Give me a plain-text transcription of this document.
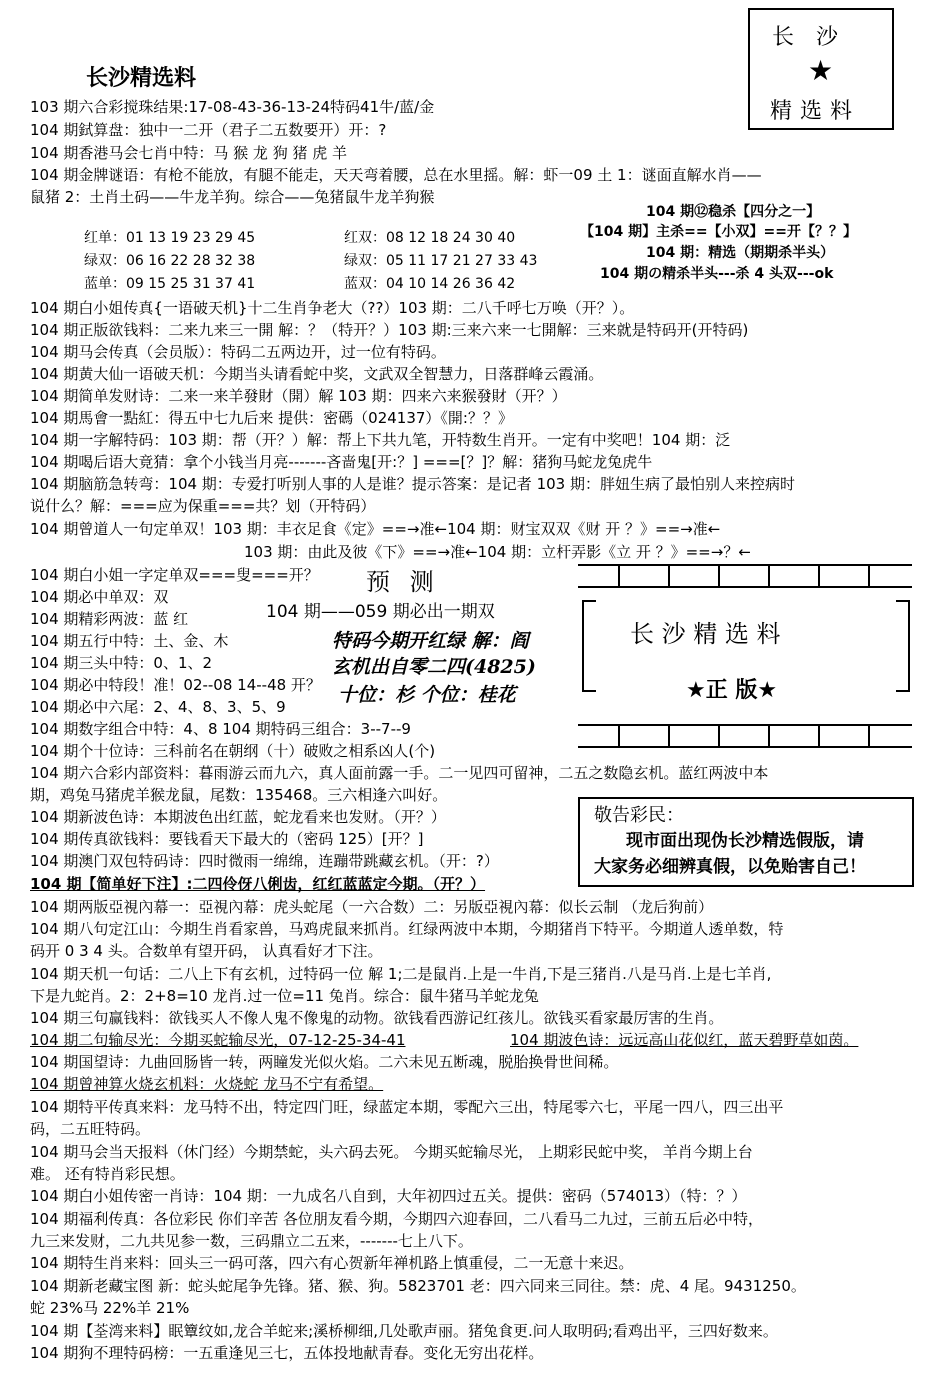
长沙精选料
长沙
★
精选料
103 期六合彩搅珠结果:17-08-43-36-13-24特码41牛/蓝/金
104 期鉽算盘：独中一二开（君子二五数要开）开：?
104 期香港马会七肖中特：马 猴 龙 狗 猪 虎 羊
104 期金牌谜语：有枪不能放，有腿不能走，天天弯着腰，总在水里摇。解：虾一09 土 1：谜面直解水肖——
鼠猪 2：土肖土码——牛龙羊狗。综合——兔猪鼠牛龙羊狗猴
红单：01 13 19 23 29 45
绿双：06 16 22 28 32 38
蓝单：09 15 25 31 37 41
红双：08 12 18 24 30 40
绿双：05 11 17 21 27 33 43
蓝双：04 10 14 26 36 42
104 期⑫稳杀【四分之一】
【104 期】主杀==【小双】==开【？？】
104 期：精选（期期杀半头）
104 期の精杀半头---杀 4 头双---ok
104 期白小姐传真{一语破天机}十二生肖争老大（??）103 期：二八千呼七万唤（开？）。
104 期正版欲钱料：二来九来三一開 解：？（特开？）103 期:三来六来一七開解：三来就是特码开(开特码)
104 期马会传真（会员版）：特码二五两边开，过一位有特码。
104 期黄大仙一语破天机：今期当头请看蛇中奖，文武双全智慧力，日落群峰云霞涌。
104 期简单发财诗：二来一来羊發財（開）解 103 期：四来六来猴發財（开？）
104 期馬會一點紅：得五中七九后来 提供：密碼（024137）《開:？？》
104 期一字解特码：103 期：帮（开？）解：帮上下共九笔，开特数生肖开。一定有中奖吧！104 期：泛
104 期喝后语大竟猜：拿个小钱当月亮-------吝啬鬼[开:？] ===[？]？解：猪狗马蛇龙兔虎牛
104 期脑筋急转弯：104 期：专爱打听别人事的人是谁？提示答案：是记者 103 期：胖妞生病了最怕别人来控病时
说什么？解：===应为保重===共？划（开特码）
104 期曾道人一句定单双！103 期：丰衣足食《定》==→准←104 期：财宝双双《财 开 ？》==→准←
103 期：由此及彼《下》==→准←104 期：立杆弄影《立 开 ？》==→？←
104 期白小姐一字定单双===叟===开？
104 期必中单双：双
104 期精彩两波：蓝 红
104 期五行中特：土、金、木
104 期三头中特：0、1、2
104 期必中特段！准！02--08 14--48 开？
104 期必中六尾：2、4、8、3、5、9
104 期数字组合中特：4、8 104 期特码三组合：3--7--9
预 测
104 期——059 期必出一期双
特码今期开红绿 解：阎
玄机出自零二四(4825)
十位：杉 个位：桂花
长 沙 精 选 料
★正 版★
104 期个十位诗：三科前名在朝纲（十）破败之相系凶人(个)
104 期六合彩内部资料：暮雨游云而九六，真人面前露一手。二一见四可留神，二五之数隐玄机。蓝红两波中本
期，鸡兔马猪虎羊猴龙鼠，尾数：135468。三六相逢六叫好。
104 期新波色诗：本期波色出红蓝，蛇龙看来也发财。（开？）
104 期传真欲钱料：要钱看天下最大的（密码 125）[开？]
104 期澳门双包特码诗：四时微雨一绵绵，连蹦带跳藏玄机。（开：?）
104 期【简单好下注】:二四伶伢八俐齿，红红蓝蓝定今期。（开？）
敬告彩民：
现市面出现伪长沙精选假版，请
大家务必细辨真假，以免贻害自己！
104 期两版亞視內幕一：亞視內幕：虎头蛇尾（一六合数）二：另版亞視內幕：似长云制 （龙后狗前）
104 期八句定江山：今期生肖看家兽，马鸡虎鼠来抓肖。红绿两波中本期，今期猪肖下特平。今期道人透单数，特
码开 0 3 4 头。合数单有望开码， 认真看好才下注。
104 期天机一句话：二八上下有玄机，过特码一位 解 1;二是鼠肖.上是一牛肖,下是三猪肖.八是马肖.上是七羊肖,
下是九蛇肖。2：2+8=10 龙肖.过一位=11 兔肖。综合：鼠牛猪马羊蛇龙兔
104 期三句赢钱料：欲钱买人不像人鬼不像鬼的动物。欲钱看西游记红孩儿。欲钱买看家最厉害的生肖。
104 期二句输尽光：今期买蛇输尽光，07-12-25-34-41	104 期波色诗：远远高山花似红，蓝天碧野草如茵。
104 期国望诗：九曲回肠皆一转，两瞳发光似火焰。二六未见五断魂，脱胎换骨世间稀。
104 期曾神算火烧玄机料：火烧蛇 龙马不宁有希望。
104 期特平传真来料：龙马特不出，特定四门旺，绿蓝定本期，零配六三出，特尾零六七，平尾一四八，四三出平
码，二五旺特码。
104 期马会当天报料（休门经）今期禁蛇，头六码去死。 今期买蛇输尽光， 上期彩民蛇中奖， 羊肖今期上台
难。 还有特肖彩民想。
104 期白小姐传密一肖诗：104 期：一九成名八自到，大年初四过五关。提供：密码（574013）（特：？）
104 期福利传真：各位彩民 你们辛苦 各位朋友看今期，今期四六迎春回，二八看马二九过，三前五后必中特，
九三来发财，二九共见参一数，三码鼎立二五来，-------七上八下。
104 期特生肖来料：回头三一码可落，四六有心贺新年禅机路上慎重侵，二一无意十来迟。
104 期新老藏宝图 新：蛇头蛇尾争先锋。猪、猴、狗。5823701 老：四六同来三同往。禁：虎、4 尾。9431250。
蛇 23%马 22%羊 21%
104 期【荃湾来料】眠簟纹如,龙合羊蛇来;溪桥柳细,几处歌声丽。猪兔食更.问人取明码;看鸡出平，三四好数来。
104 期狗不理特码榜：一五重逢见三七，五体投地献青春。变化无穷出花样。
